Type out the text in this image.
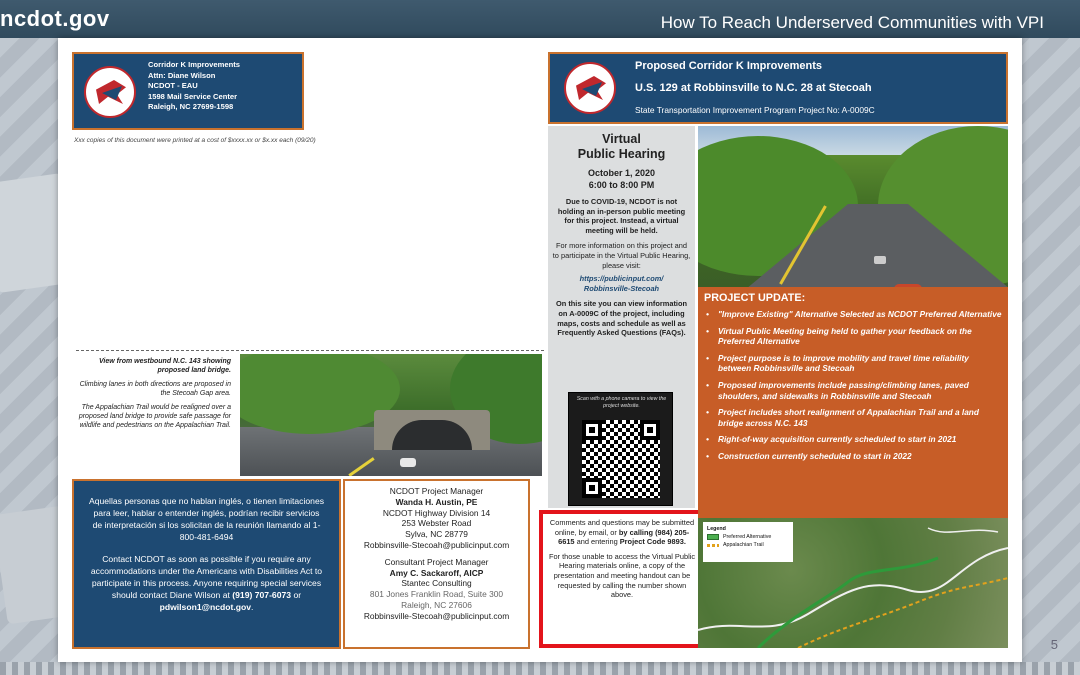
ncdot.gov	How To Reach Underserved Communities with VPI
5
Corridor K Improvements
Attn: Diane Wilson
NCDOT - EAU
1598 Mail Service Center
Raleigh, NC 27699-1598
Xxx copies of this document were printed at a cost of $xxxx.xx or $x.xx each (09/20)

View from westbound N.C. 143 showing proposed land bridge.

Climbing lanes in both directions are proposed in the Stecoah Gap area.

The Appalachian Trail would be realigned over a proposed land bridge to provide safe passage for wildlife and pedestrians on the Appalachian Trail.

Aquellas personas que no hablan inglés, o tienen limitaciones para leer, hablar o entender inglés, podrían recibir servicios de interpretación si los solicitan de la reunión llamando al 1-800-481-6494

Contact NCDOT as soon as possible if you require any accommodations under the Americans with Disabilities Act to participate in this process. Anyone requiring special services should contact Diane Wilson at (919) 707-6073 or pdwilson1@ncdot.gov.

NCDOT Project Manager
Wanda H. Austin, PE
NCDOT Highway Division 14
253 Webster Road
Sylva, NC 28779
Robbinsville-Stecoah@publicinput.com

Consultant Project Manager

Amy C. Sackaroff, AICP
Stantec Consulting
801 Jones Franklin Road, Suite 300
Raleigh, NC 27606
Robbinsville-Stecoah@publicinput.com
Proposed Corridor K Improvements
U.S. 129 at Robbinsville to N.C. 28 at Stecoah
State Transportation Improvement Program Project No: A-0009C
Virtual
Public Hearing
October 1, 2020
6:00 to 8:00 PM
Due to COVID-19, NCDOT is not holding an in-person public meeting for this project. Instead, a virtual meeting will be held.
For more information on this project and to participate in the Virtual Public Hearing, please visit:
https://publicinput.com/
Robbinsville-Stecoah
On this site you can view information on A-0009C of the project, including maps, costs and schedule as well as Frequently Asked Questions (FAQs).
Scan with a phone camera to view the project website.

Comments and questions may be submitted online, by email, or by calling (984) 205-6615 and entering Project Code 9893.

For those unable to access the Virtual Public Hearing materials online, a copy of the presentation and meeting handout can be requested by calling the number shown above.

PROJECT UPDATE:
• "Improve Existing" Alternative Selected as NCDOT Preferred Alternative
• Virtual Public Meeting being held to gather your feedback on the Preferred Alternative
• Project purpose is to improve mobility and travel time reliability between Robbinsville and Stecoah
• Proposed improvements include passing/climbing lanes, paved shoulders, and sidewalks in Robbinsville and Stecoah
• Project includes short realignment of Appalachian Trail and a land bridge across N.C. 143
• Right-of-way acquisition currently scheduled to start in 2021
• Construction currently scheduled to start in 2022
Legend
Preferred Alternative
Appalachian Trail
